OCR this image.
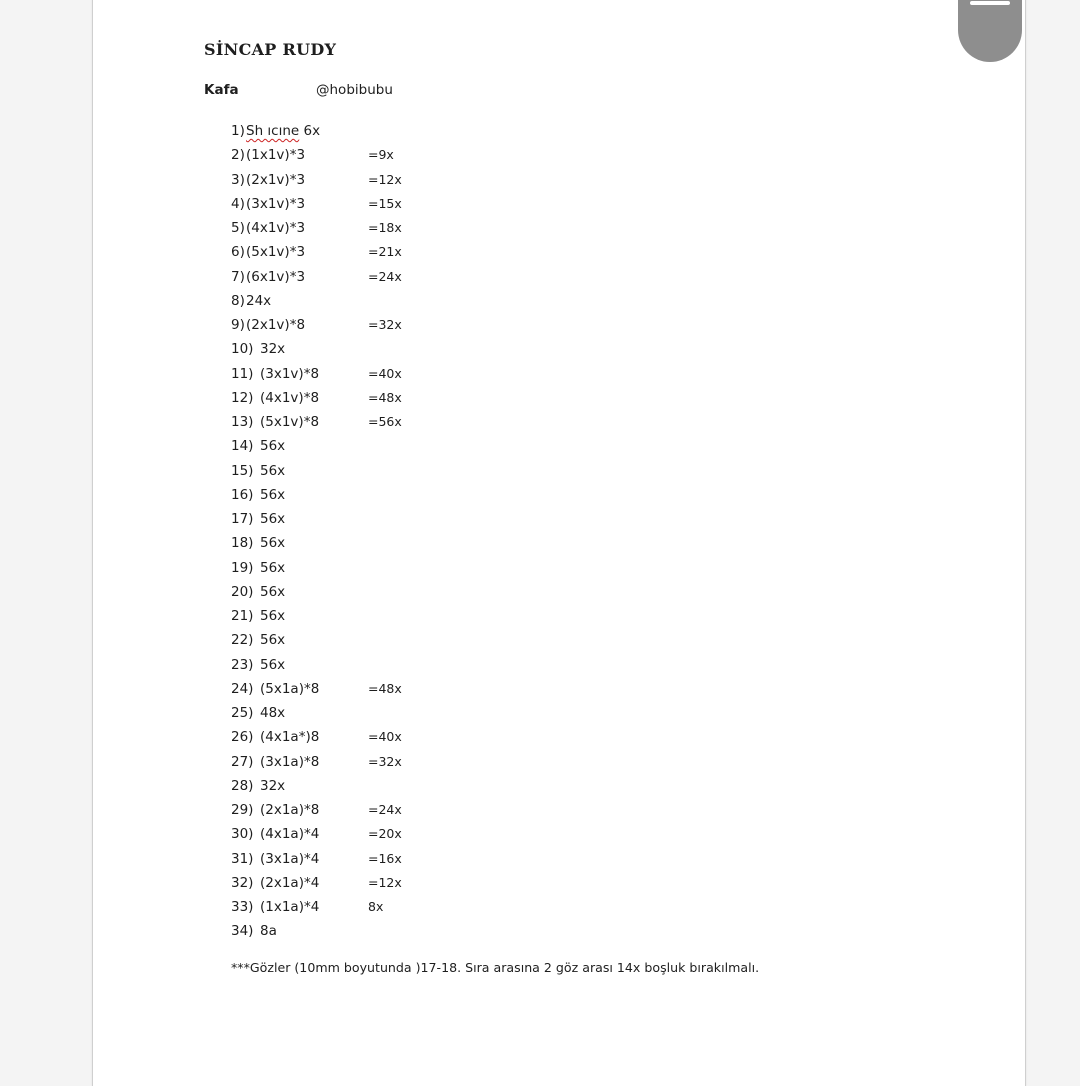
SİNCAP RUDY
Kafa	@hobibubu
1) Sh ıcıne 6x
2) (1x1v)*3	=9x
3) (2x1v)*3	=12x
4) (3x1v)*3	=15x
5) (4x1v)*3	=18x
6) (5x1v)*3	=21x
7) (6x1v)*3	=24x
8) 24x
9) (2x1v)*8	=32x
10) 32x
11) (3x1v)*8	=40x
12) (4x1v)*8	=48x
13) (5x1v)*8	=56x
14) 56x
15) 56x
16) 56x
17) 56x
18) 56x
19) 56x
20) 56x
21) 56x
22) 56x
23) 56x
24) (5x1a)*8	=48x
25) 48x
26) (4x1a*)8	=40x
27) (3x1a)*8	=32x
28) 32x
29) (2x1a)*8	=24x
30) (4x1a)*4	=20x
31) (3x1a)*4	=16x
32) (2x1a)*4	=12x
33) (1x1a)*4	8x
34) 8a
***Gözler (10mm boyutunda )17-18. Sıra arasına 2 göz arası 14x boşluk bırakılmalı.
